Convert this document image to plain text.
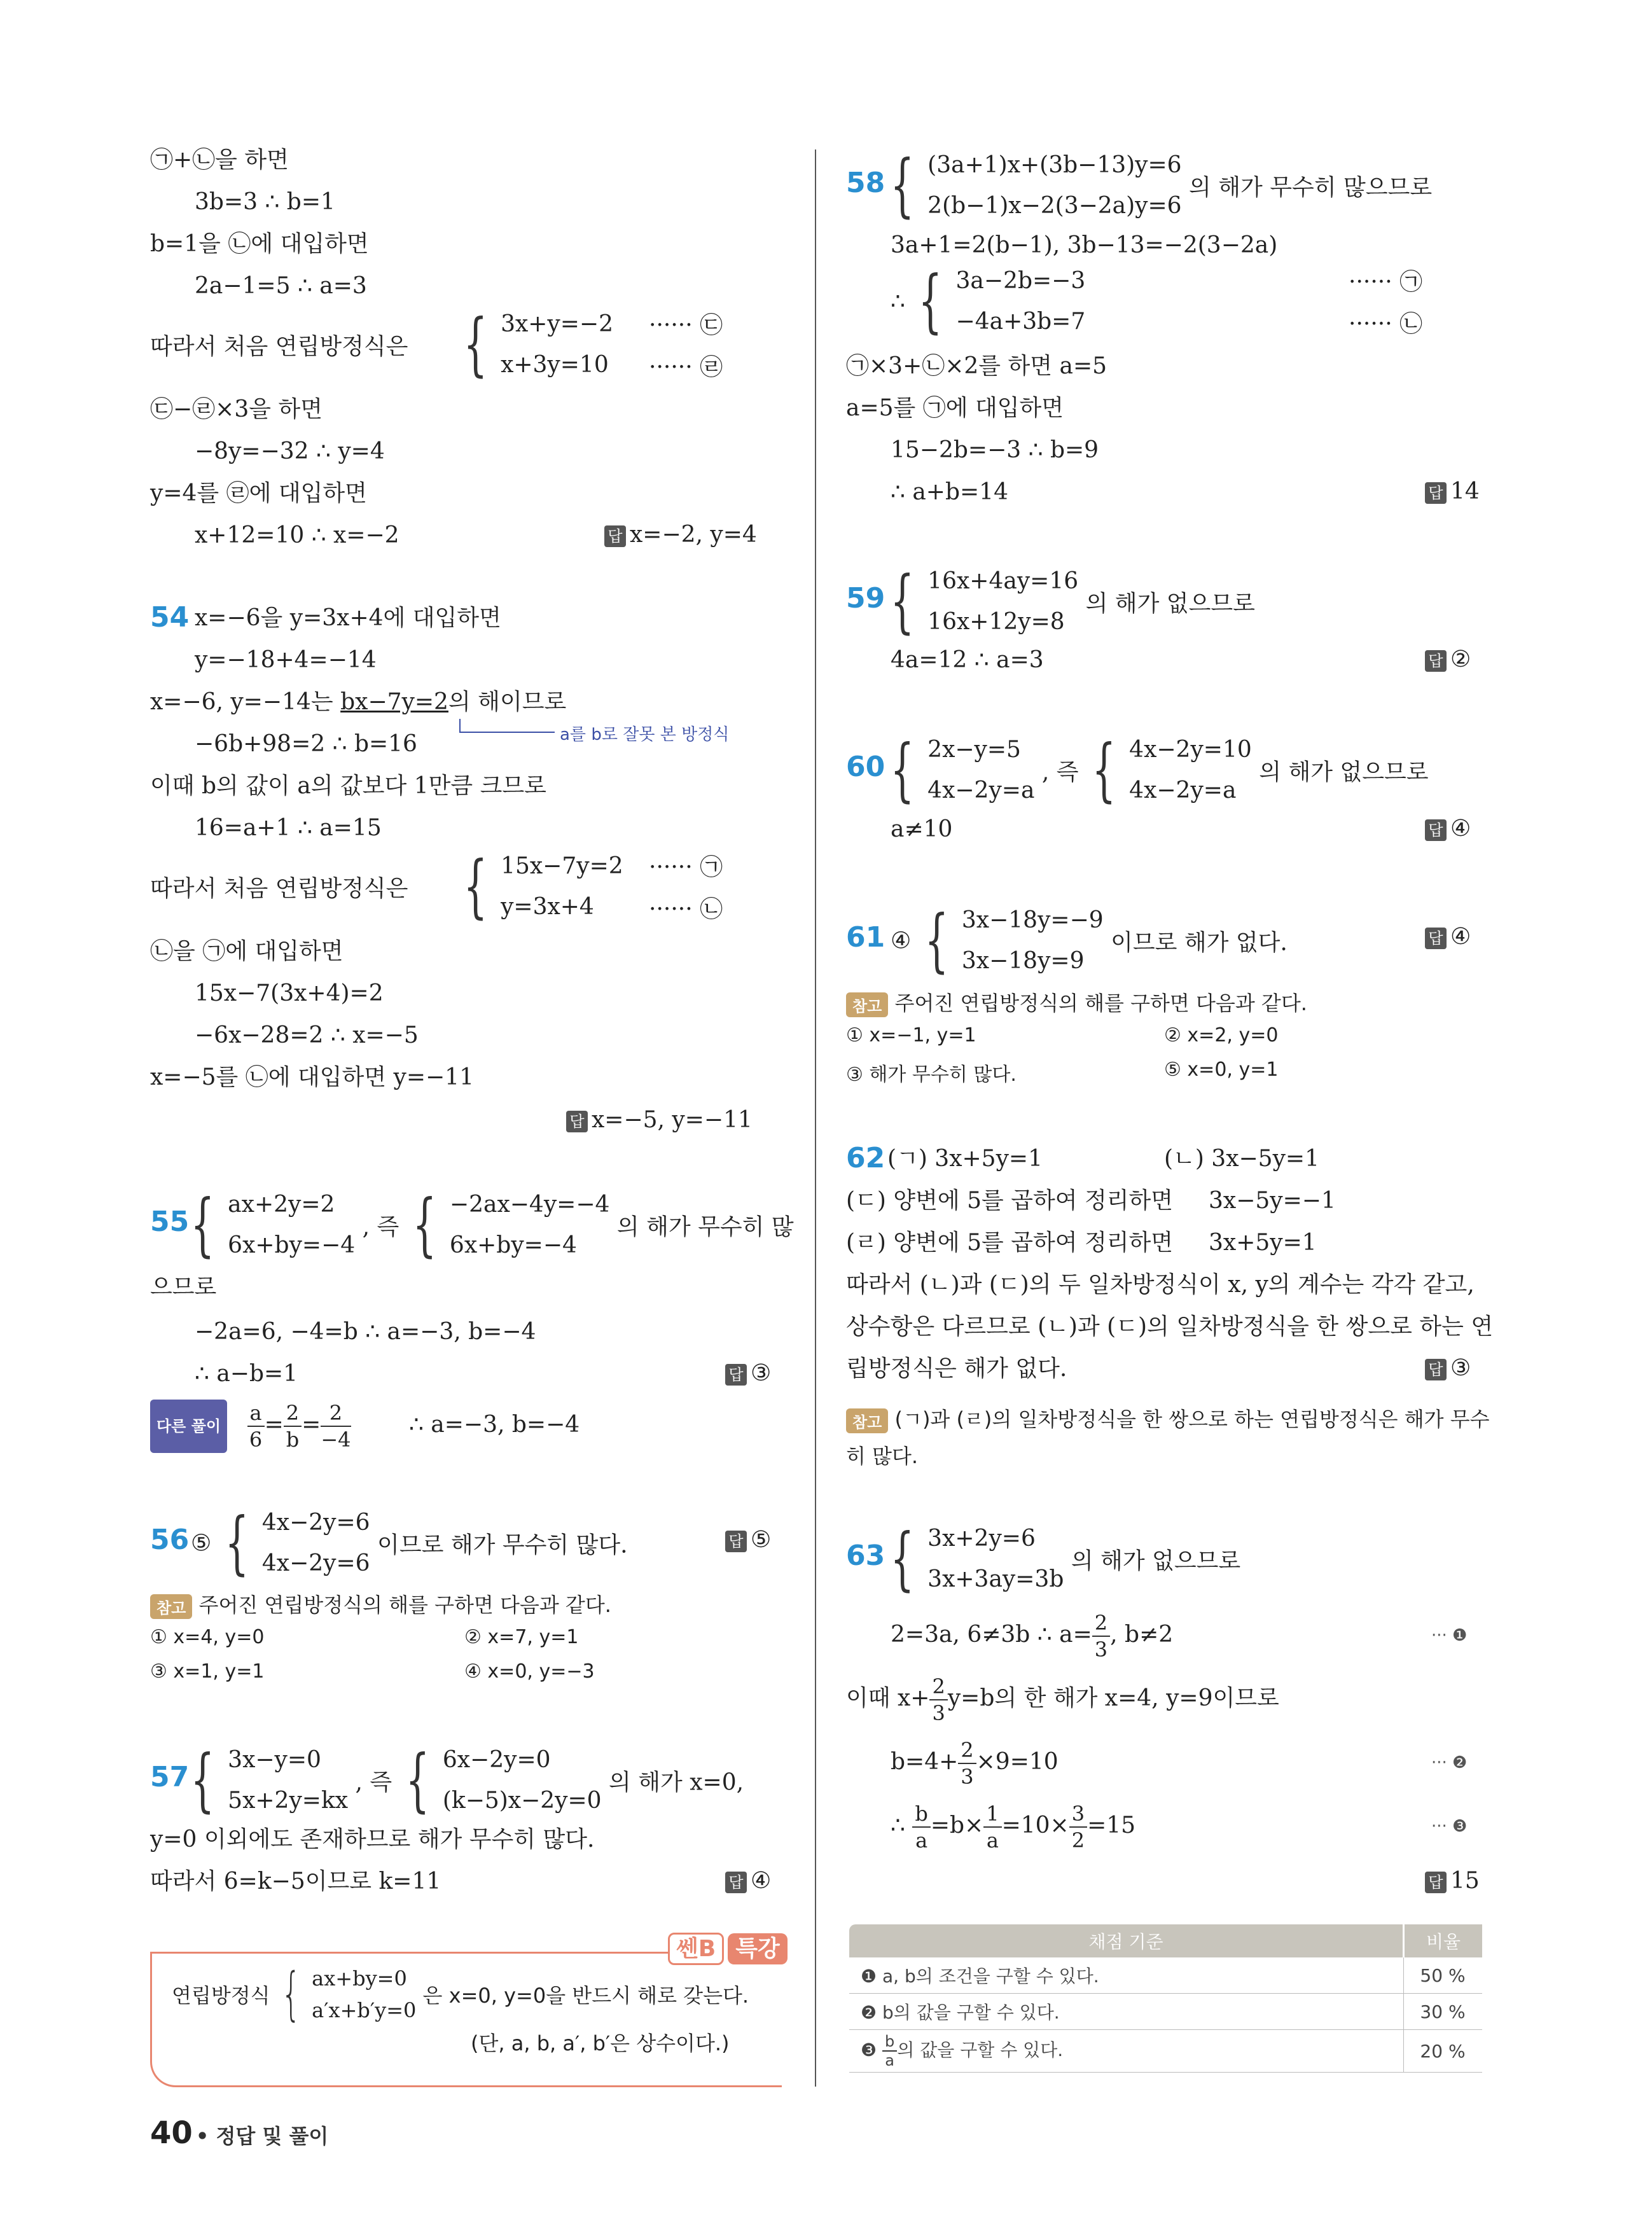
㉠+㉡을 하면
3b=3 ∴ b=1
b=1을 ㉡에 대입하면
2a−1=5 ∴ a=3
따라서 처음 연립방정식은 { 3x+y=−2
x+3y=10
······ ㉢
······ ㉣
㉢−㉣×3을 하면
−8y=−32 ∴ y=4
y=4를 ㉣에 대입하면
x+12=10 ∴ x=−2	답 x=−2, y=4
54 x=−6을 y=3x+4에 대입하면
y=−18+4=−14
x=−6, y=−14는 bx−7y=2의 해이므로
a를 b로 잘못 본 방정식
−6b+98=2 ∴ b=16
이때 b의 값이 a의 값보다 1만큼 크므로
16=a+1 ∴ a=15
따라서 처음 연립방정식은 { 15x−7y=2
y=3x+4
······ ㉠
······ ㉡
㉡을 ㉠에 대입하면
15x−7(3x+4)=2
−6x−28=2 ∴ x=−5
x=−5를 ㉡에 대입하면 y=−11
답 x=−5, y=−11
55 { ax+2y=2
6x+by=−4 , 즉 { −2ax−4y=−4
6x+by=−4 의 해가 무수히 많
으므로
−2a=6, −4=b ∴ a=−3, b=−4
∴ a−b=1	답 ③
다른 풀이 $\frac{a}{6} = \frac{2}{b} = \frac{2}{-4}$	∴ a=−3, b=−4
56 ⑤ { 4x−2y=6
4x−2y=6 이므로 해가 무수히 많다.	답 ⑤
참고 주어진 연립방정식의 해를 구하면 다음과 같다.
① x=4, y=0	② x=7, y=1
③ x=1, y=1	④ x=0, y=−3
57 { 3x−y=0
5x+2y=kx , 즉 { 6x−2y=0
(k−5)x−2y=0 의 해가 x=0,
y=0 이외에도 존재하므로 해가 무수히 많다.
따라서 6=k−5이므로 k=11	답 ④
쎈B 특강
연립방정식 { ax+by=0
a′x+b′y=0 은 x=0, y=0을 반드시 해로 갖는다.
(단, a, b, a′, b′은 상수이다.)
58 { (3a+1)x+(3b−13)y=6
2(b−1)x−2(3−2a)y=6 의 해가 무수히 많으므로
3a+1=2(b−1), 3b−13=−2(3−2a)
∴ { 3a−2b=−3
−4a+3b=7
······ ㉠
······ ㉡
㉠×3+㉡×2를 하면 a=5
a=5를 ㉠에 대입하면
15−2b=−3 ∴ b=9
∴ a+b=14	답 14
59 { 16x+4ay=16
16x+12y=8 의 해가 없으므로
4a=12 ∴ a=3	답 ②
60 { 2x−y=5
4x−2y=a , 즉 { 4x−2y=10
4x−2y=a 의 해가 없으므로
a≠10	답 ④
61 ④ { 3x−18y=−9
3x−18y=9 이므로 해가 없다.	답 ④
참고 주어진 연립방정식의 해를 구하면 다음과 같다.
① x=−1, y=1	② x=2, y=0
③ 해가 무수히 많다.	⑤ x=0, y=1
62 (ㄱ) 3x+5y=1	(ㄴ) 3x−5y=1
(ㄷ) 양변에 5를 곱하여 정리하면 3x−5y=−1
(ㄹ) 양변에 5를 곱하여 정리하면 3x+5y=1
따라서 (ㄴ)과 (ㄷ)의 두 일차방정식이 x, y의 계수는 각각 같고,
상수항은 다르므로 (ㄴ)과 (ㄷ)의 일차방정식을 한 쌍으로 하는 연
립방정식은 해가 없다.	답 ③
참고 (ㄱ)과 (ㄹ)의 일차방정식을 한 쌍으로 하는 연립방정식은 해가 무수
히 많다.
63 { 3x+2y=6
3x+3ay=3b 의 해가 없으므로
2=3a, 6≠3b ∴ $a= \frac{2}{3}$ , b≠2	··· ❶
이때 $x+ \frac{2}{3} y=b$의 한 해가 x=4, y=9이므로
$b=4+ \frac{2}{3} \times 9=10$	··· ❷
∴ $\frac{b}{a} =b\times \frac{1}{a} =10\times \frac{3}{2} =15$	··· ❸
답 15
채점 기준	비율
❶ a, b의 조건을 구할 수 있다.	50 %
❷ b의 값을 구할 수 있다.	30 %
❸ $\frac{b}{a}$ 의 값을 구할 수 있다.	20 %
40 • 정답 및 풀이
